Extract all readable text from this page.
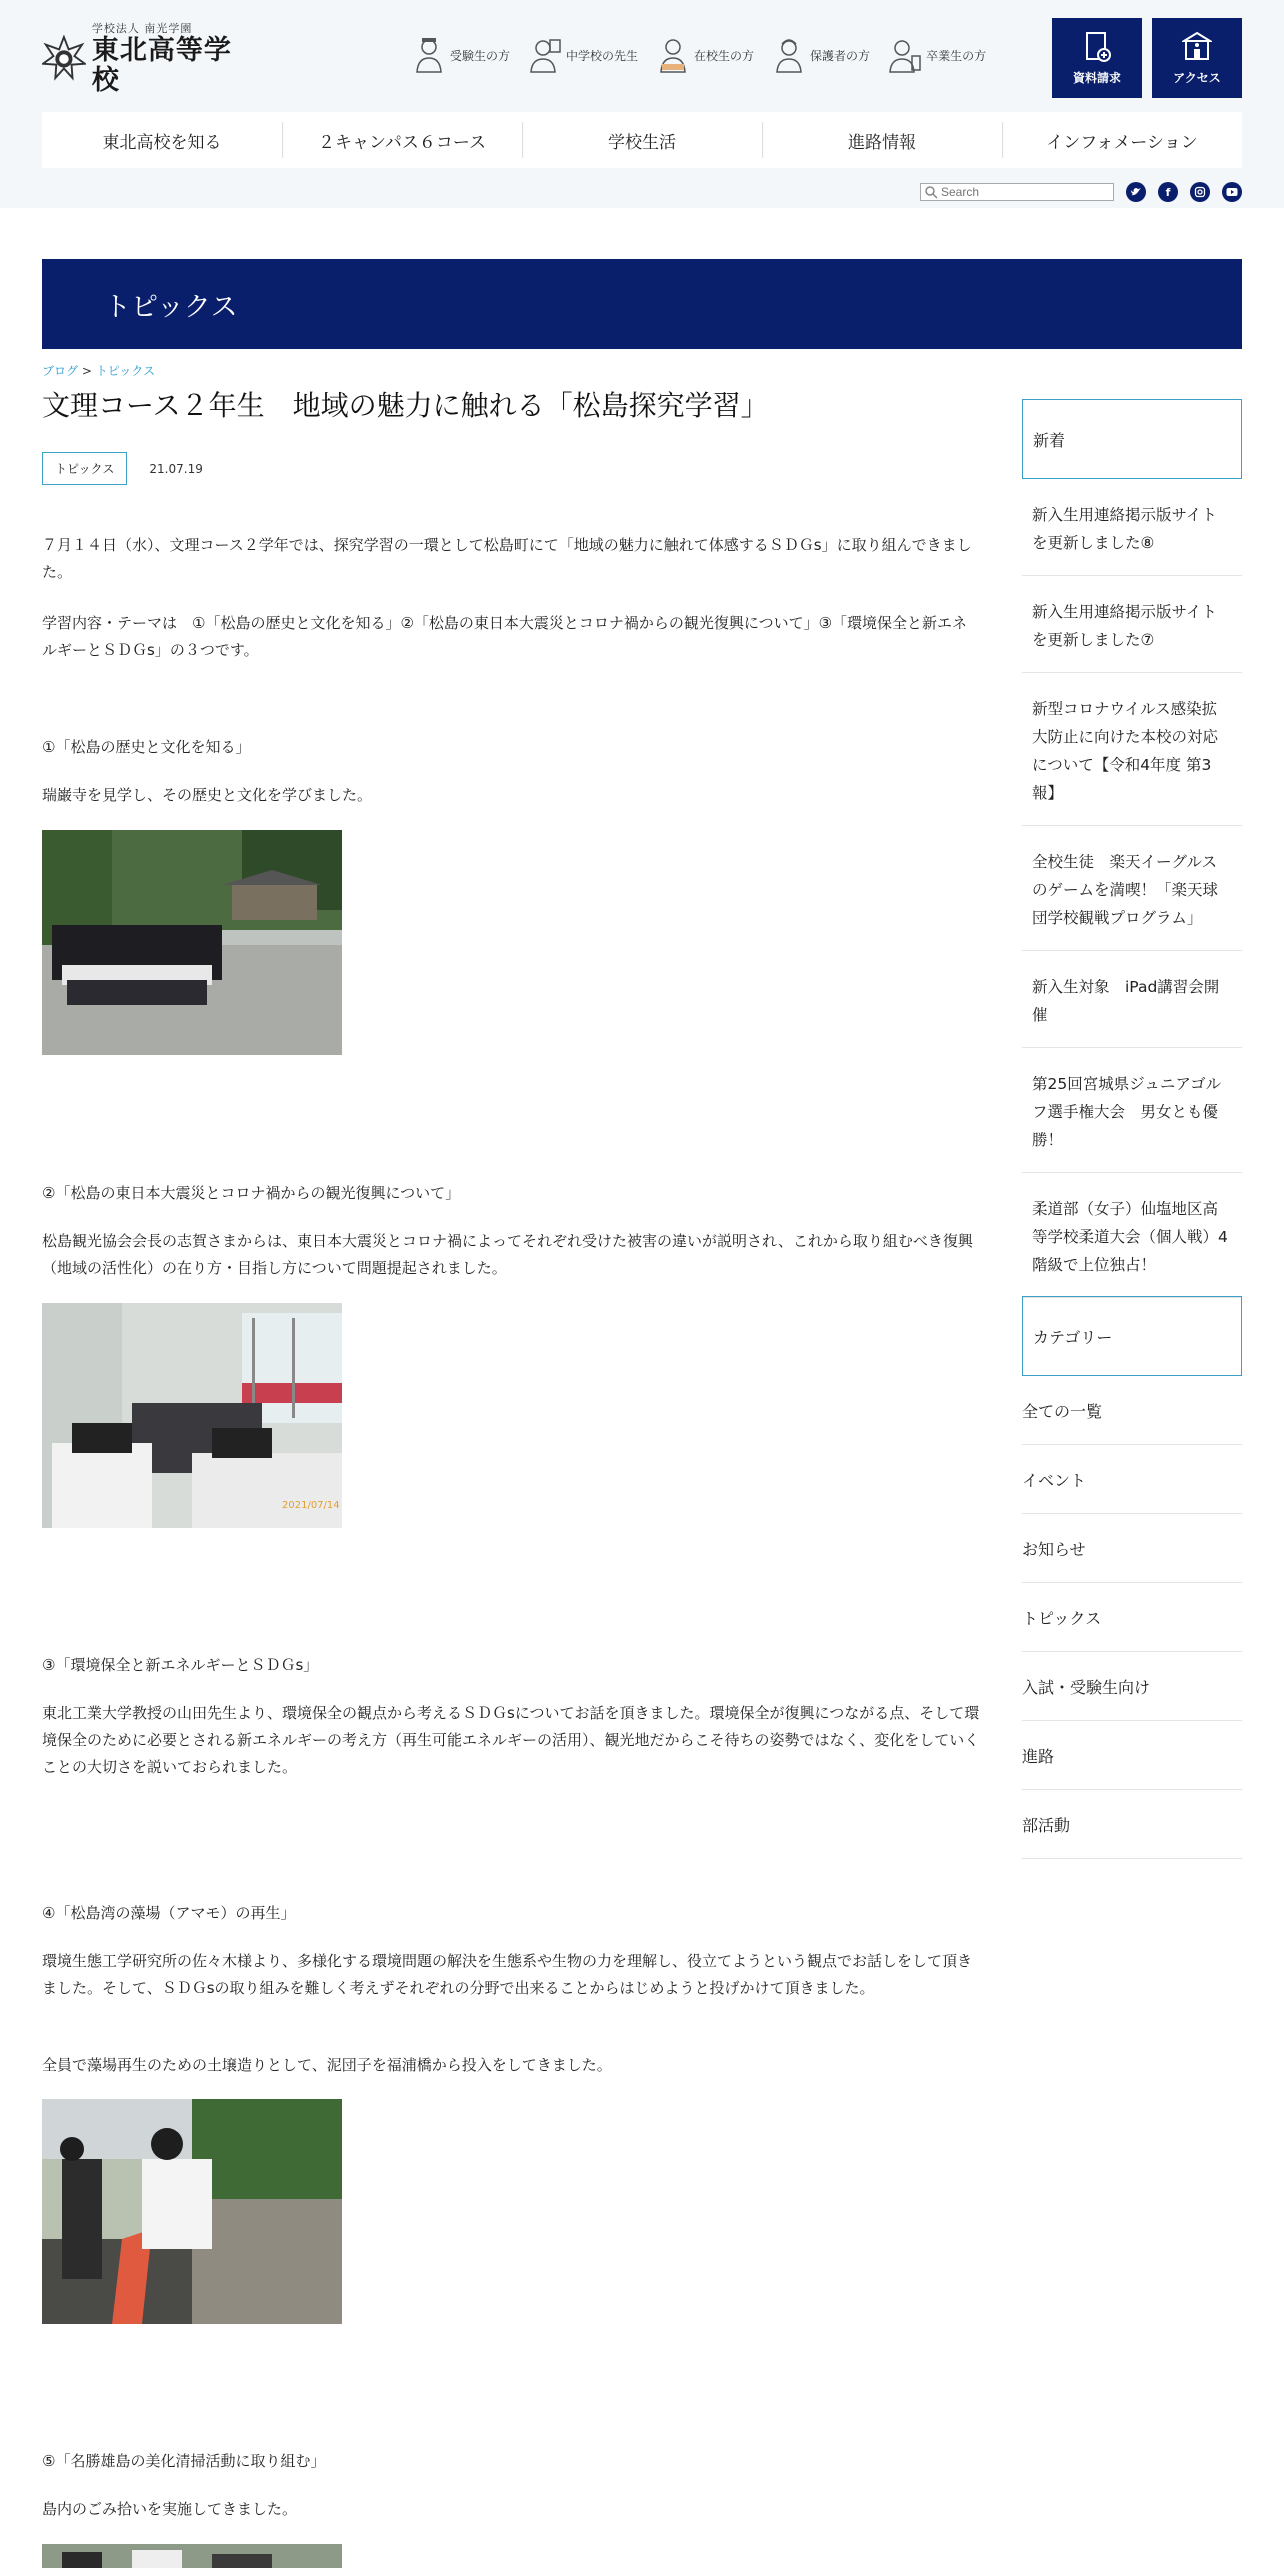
学校法人 南光学園
東北高等学校
受験生の方	中学校の先生	在校生の方	保護者の方	卒業生の方
資料請求	アクセス
東北高校を知る	２キャンパス６コース	学校生活	進路情報	インフォメーション
Search
f
トピックス
ブログ > トピックス
文理コース２年生　地域の魅力に触れる「松島探究学習」
トピックス	21.07.19

７月１４日（水）、文理コース２学年では、探究学習の一環として松島町にて「地域の魅力に触れて体感するＳＤＧs」に取り組んできました。

学習内容・テーマは　①「松島の歴史と文化を知る」②「松島の東日本大震災とコロナ禍からの観光復興について」③「環境保全と新エネルギーとＳＤＧs」の３つです。

①「松島の歴史と文化を知る」

瑞巌寺を見学し、その歴史と文化を学びました。

②「松島の東日本大震災とコロナ禍からの観光復興について」

松島観光協会会長の志賀さまからは、東日本大震災とコロナ禍によってそれぞれ受けた被害の違いが説明され、これから取り組むべき復興（地域の活性化）の在り方・目指し方について問題提起されました。

2021/07/14

③「環境保全と新エネルギーとＳＤＧs」

東北工業大学教授の山田先生より、環境保全の観点から考えるＳＤＧsについてお話を頂きました。環境保全が復興につながる点、そして環境保全のために必要とされる新エネルギーの考え方（再生可能エネルギーの活用）、観光地だからこそ待ちの姿勢ではなく、変化をしていくことの大切さを説いておられました。

④「松島湾の藻場（アマモ）の再生」

環境生態工学研究所の佐々木様より、多様化する環境問題の解決を生態系や生物の力を理解し、役立てようという観点でお話しをして頂きました。そして、ＳＤＧsの取り組みを難しく考えずそれぞれの分野で出来ることからはじめようと投げかけて頂きました。

全員で藻場再生のための土壌造りとして、泥団子を福浦橋から投入をしてきました。

⑤「名勝雄島の美化清掃活動に取り組む」

島内のごみ拾いを実施してきました。

新着
新入生用連絡掲示版サイトを更新しました⑧
新入生用連絡掲示版サイトを更新しました⑦
新型コロナウイルス感染拡大防止に向けた本校の対応について【令和4年度 第3報】
全校生徒　楽天イーグルスのゲームを満喫！「楽天球団学校観戦プログラム」
新入生対象　iPad講習会開催
第25回宮城県ジュニアゴルフ選手権大会　男女とも優勝！
柔道部（女子）仙塩地区高等学校柔道大会（個人戦）4階級で上位独占！
カテゴリー
全ての一覧
イベント
お知らせ
トピックス
入試・受験生向け
進路
部活動
